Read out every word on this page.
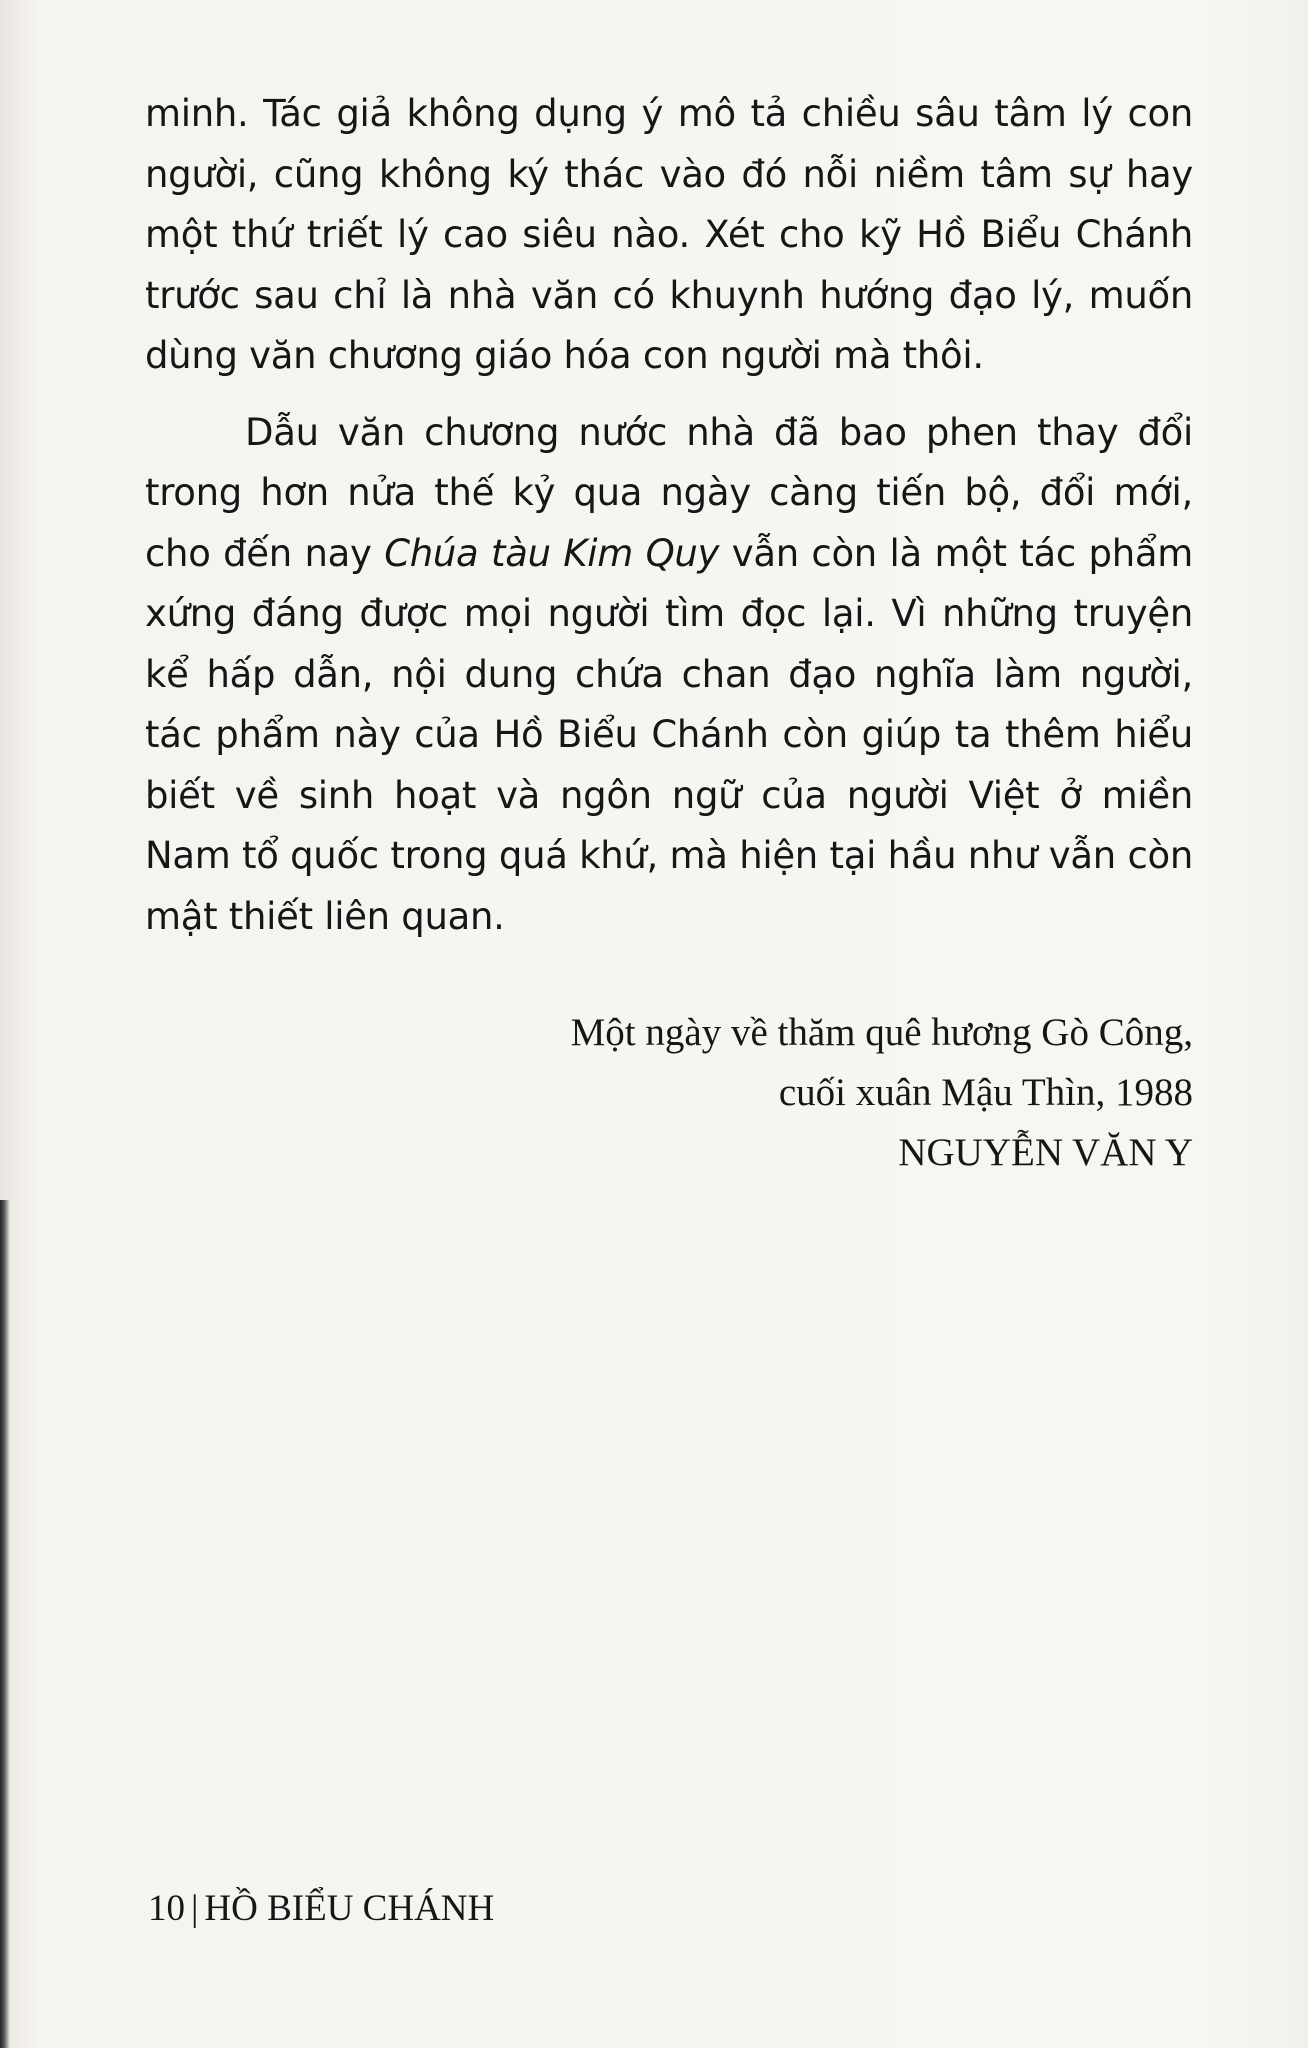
minh. Tác giả không dụng ý mô tả chiều sâu tâm lý con người, cũng không ký thác vào đó nỗi niềm tâm sự hay một thứ triết lý cao siêu nào. Xét cho kỹ Hồ Biểu Chánh trước sau chỉ là nhà văn có khuynh hướng đạo lý, muốn dùng văn chương giáo hóa con người mà thôi.

Dẫu văn chương nước nhà đã bao phen thay đổi trong hơn nửa thế kỷ qua ngày càng tiến bộ, đổi mới, cho đến nay Chúa tàu Kim Quy vẫn còn là một tác phẩm xứng đáng được mọi người tìm đọc lại. Vì những truyện kể hấp dẫn, nội dung chứa chan đạo nghĩa làm người, tác phẩm này của Hồ Biểu Chánh còn giúp ta thêm hiểu biết về sinh hoạt và ngôn ngữ của người Việt ở miền Nam tổ quốc trong quá khứ, mà hiện tại hầu như vẫn còn mật thiết liên quan.

Một ngày về thăm quê hương Gò Công,
cuối xuân Mậu Thìn, 1988
NGUYỄN VĂN Y
10 | HỒ BIỂU CHÁNH
